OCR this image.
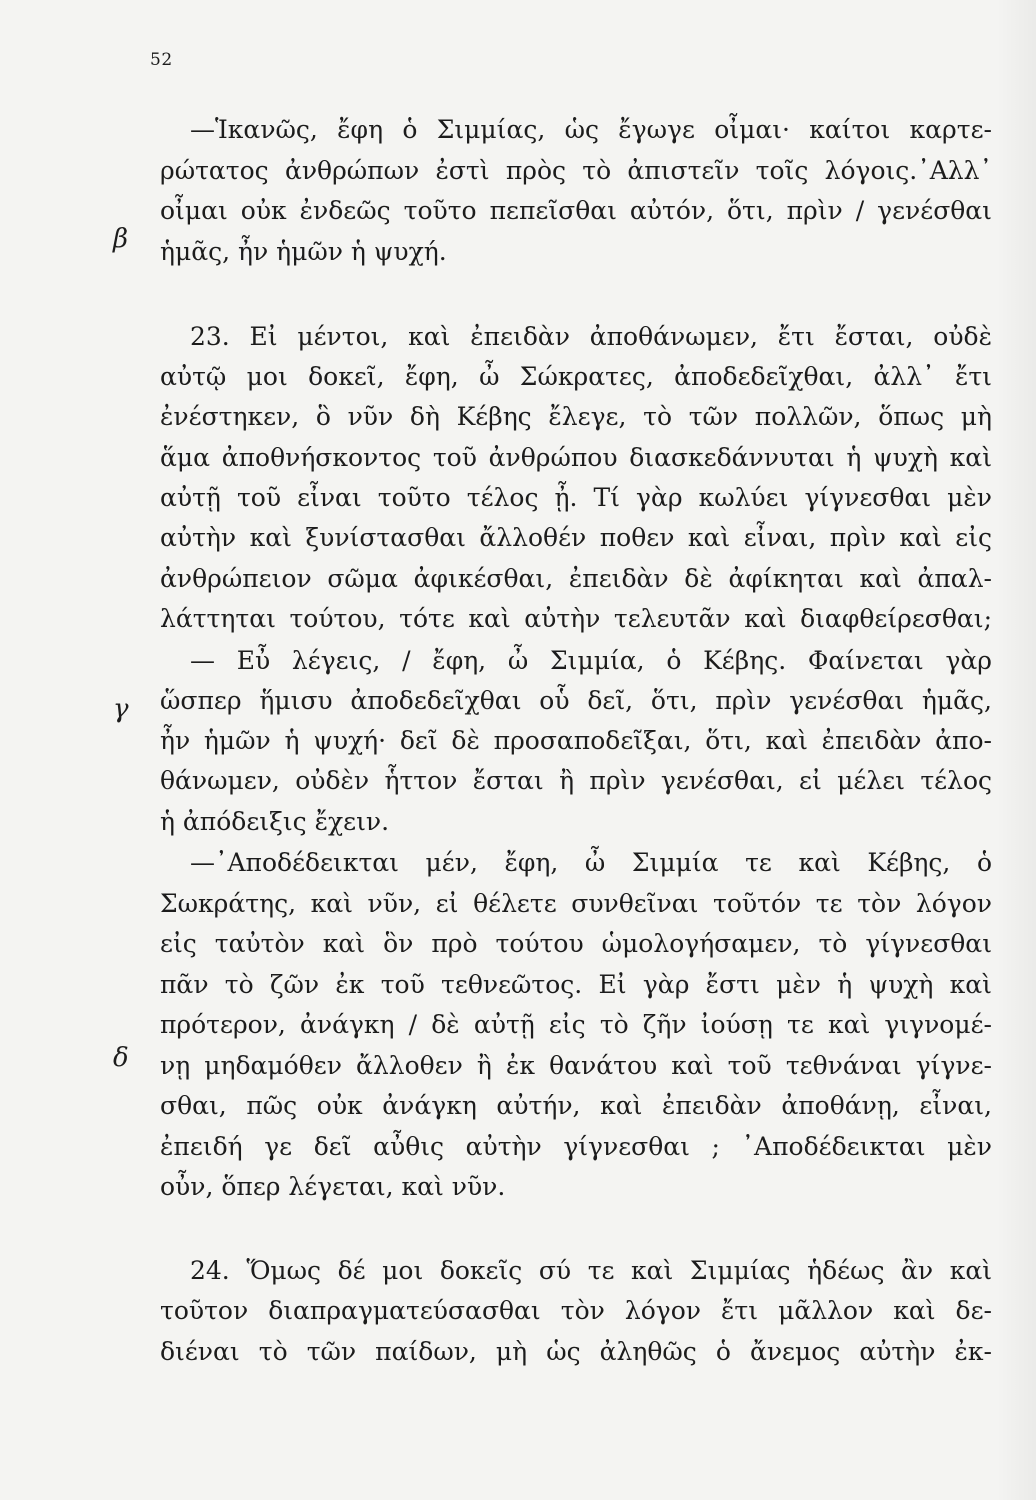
52
β
γ
δ
—Ἱκανῶς, ἔφη ὁ Σιμμίας, ὡς ἔγωγε οἶμαι· καίτοι καρτε-
ρώτατος ἀνθρώπων ἐστὶ πρὸς τὸ ἀπιστεῖν τοῖς λόγοις.᾿Αλλ᾿
οἶμαι οὐκ ἐνδεῶς τοῦτο πεπεῖσθαι αὐτόν, ὅτι, πρὶν / γενέσθαι
ἡμᾶς, ἦν ἡμῶν ἡ ψυχή.
23. Εἰ μέντοι, καὶ ἐπειδὰν ἀποθάνωμεν, ἔτι ἔσται, οὐδὲ
αὐτῷ μοι δοκεῖ, ἔφη, ὦ Σώκρατες, ἀποδεδεῖχθαι, ἀλλ᾿ ἔτι
ἐνέστηκεν, ὃ νῦν δὴ Κέβης ἔλεγε, τὸ τῶν πολλῶν, ὅπως μὴ
ἅμα ἀποθνήσκοντος τοῦ ἀνθρώπου διασκεδάννυται ἡ ψυχὴ καὶ
αὐτῇ τοῦ εἶναι τοῦτο τέλος ᾖ. Τί γὰρ κωλύει γίγνεσθαι μὲν
αὐτὴν καὶ ξυνίστασθαι ἄλλοθέν ποθεν καὶ εἶναι, πρὶν καὶ εἰς
ἀνθρώπειον σῶμα ἀφικέσθαι, ἐπειδὰν δὲ ἀφίκηται καὶ ἀπαλ-
λάττηται τούτου, τότε καὶ αὐτὴν τελευτᾶν καὶ διαφθείρεσθαι;
— Εὖ λέγεις, / ἔφη, ὦ Σιμμία, ὁ Κέβης. Φαίνεται γὰρ
ὥσπερ ἥμισυ ἀποδεδεῖχθαι οὗ δεῖ, ὅτι, πρὶν γενέσθαι ἡμᾶς,
ἦν ἡμῶν ἡ ψυχή· δεῖ δὲ προσαποδεῖξαι, ὅτι, καὶ ἐπειδὰν ἀπο-
θάνωμεν, οὐδὲν ἧττον ἔσται ἢ πρὶν γενέσθαι, εἰ μέλει τέλος
ἡ ἀπόδειξις ἔχειν.
—᾿Αποδέδεικται μέν, ἔφη, ὦ Σιμμία τε καὶ Κέβης, ὁ
Σωκράτης, καὶ νῦν, εἰ θέλετε συνθεῖναι τοῦτόν τε τὸν λόγον
εἰς ταὐτὸν καὶ ὃν πρὸ τούτου ὡμολογήσαμεν, τὸ γίγνεσθαι
πᾶν τὸ ζῶν ἐκ τοῦ τεθνεῶτος. Εἰ γὰρ ἔστι μὲν ἡ ψυχὴ καὶ
πρότερον, ἀνάγκη / δὲ αὐτῇ εἰς τὸ ζῆν ἰούσῃ τε καὶ γιγνομέ-
νῃ μηδαμόθεν ἄλλοθεν ἢ ἐκ θανάτου καὶ τοῦ τεθνάναι γίγνε-
σθαι, πῶς οὐκ ἀνάγκη αὐτήν, καὶ ἐπειδὰν ἀποθάνῃ, εἶναι,
ἐπειδή γε δεῖ αὖθις αὐτὴν γίγνεσθαι ; ᾿Αποδέδεικται μὲν
οὖν, ὅπερ λέγεται, καὶ νῦν.
24. Ὅμως δέ μοι δοκεῖς σύ τε καὶ Σιμμίας ἡδέως ἂν καὶ
τοῦτον διαπραγματεύσασθαι τὸν λόγον ἔτι μᾶλλον καὶ δε-
διέναι τὸ τῶν παίδων, μὴ ὡς ἀληθῶς ὁ ἄνεμος αὐτὴν ἐκ-
